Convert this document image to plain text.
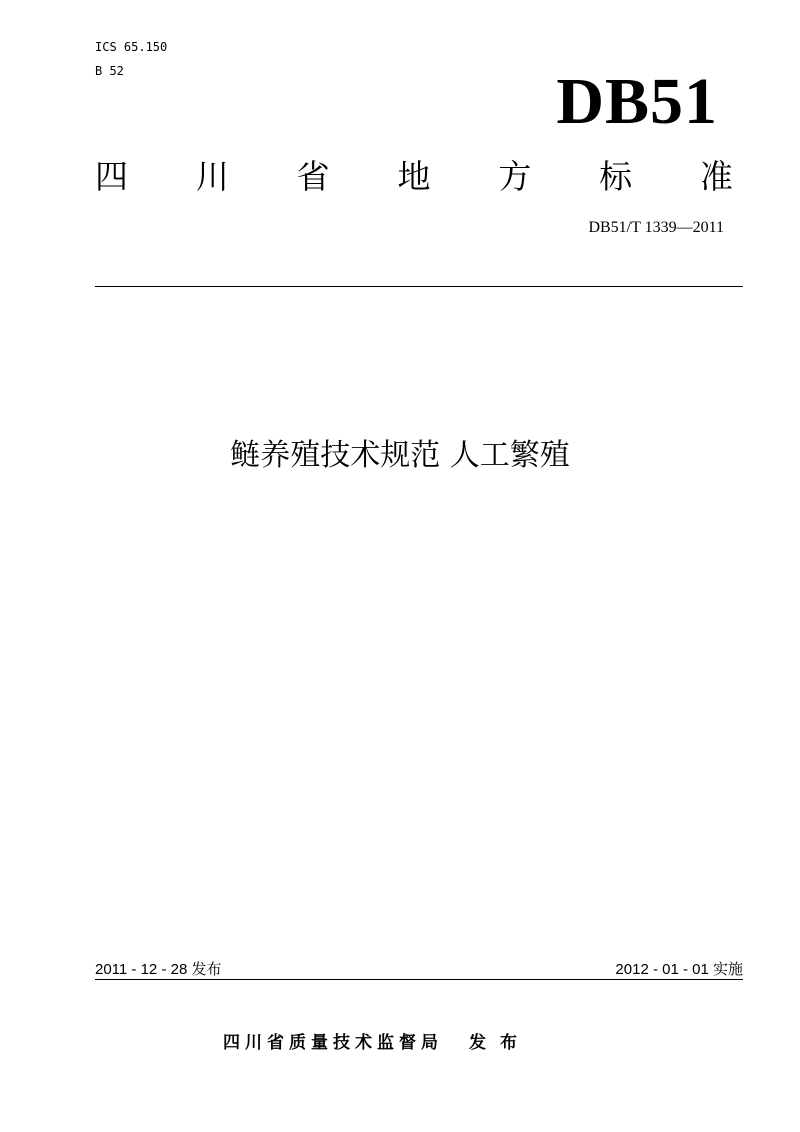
ICS 65.150
B 52	DB51
四 川 省 地 方 标 准
DB51/T 1339—2011
鲢养殖技术规范 人工繁殖
2011 - 12 - 28 发布	2012 - 01 - 01 实施
四川省质量技术监督局 发布
